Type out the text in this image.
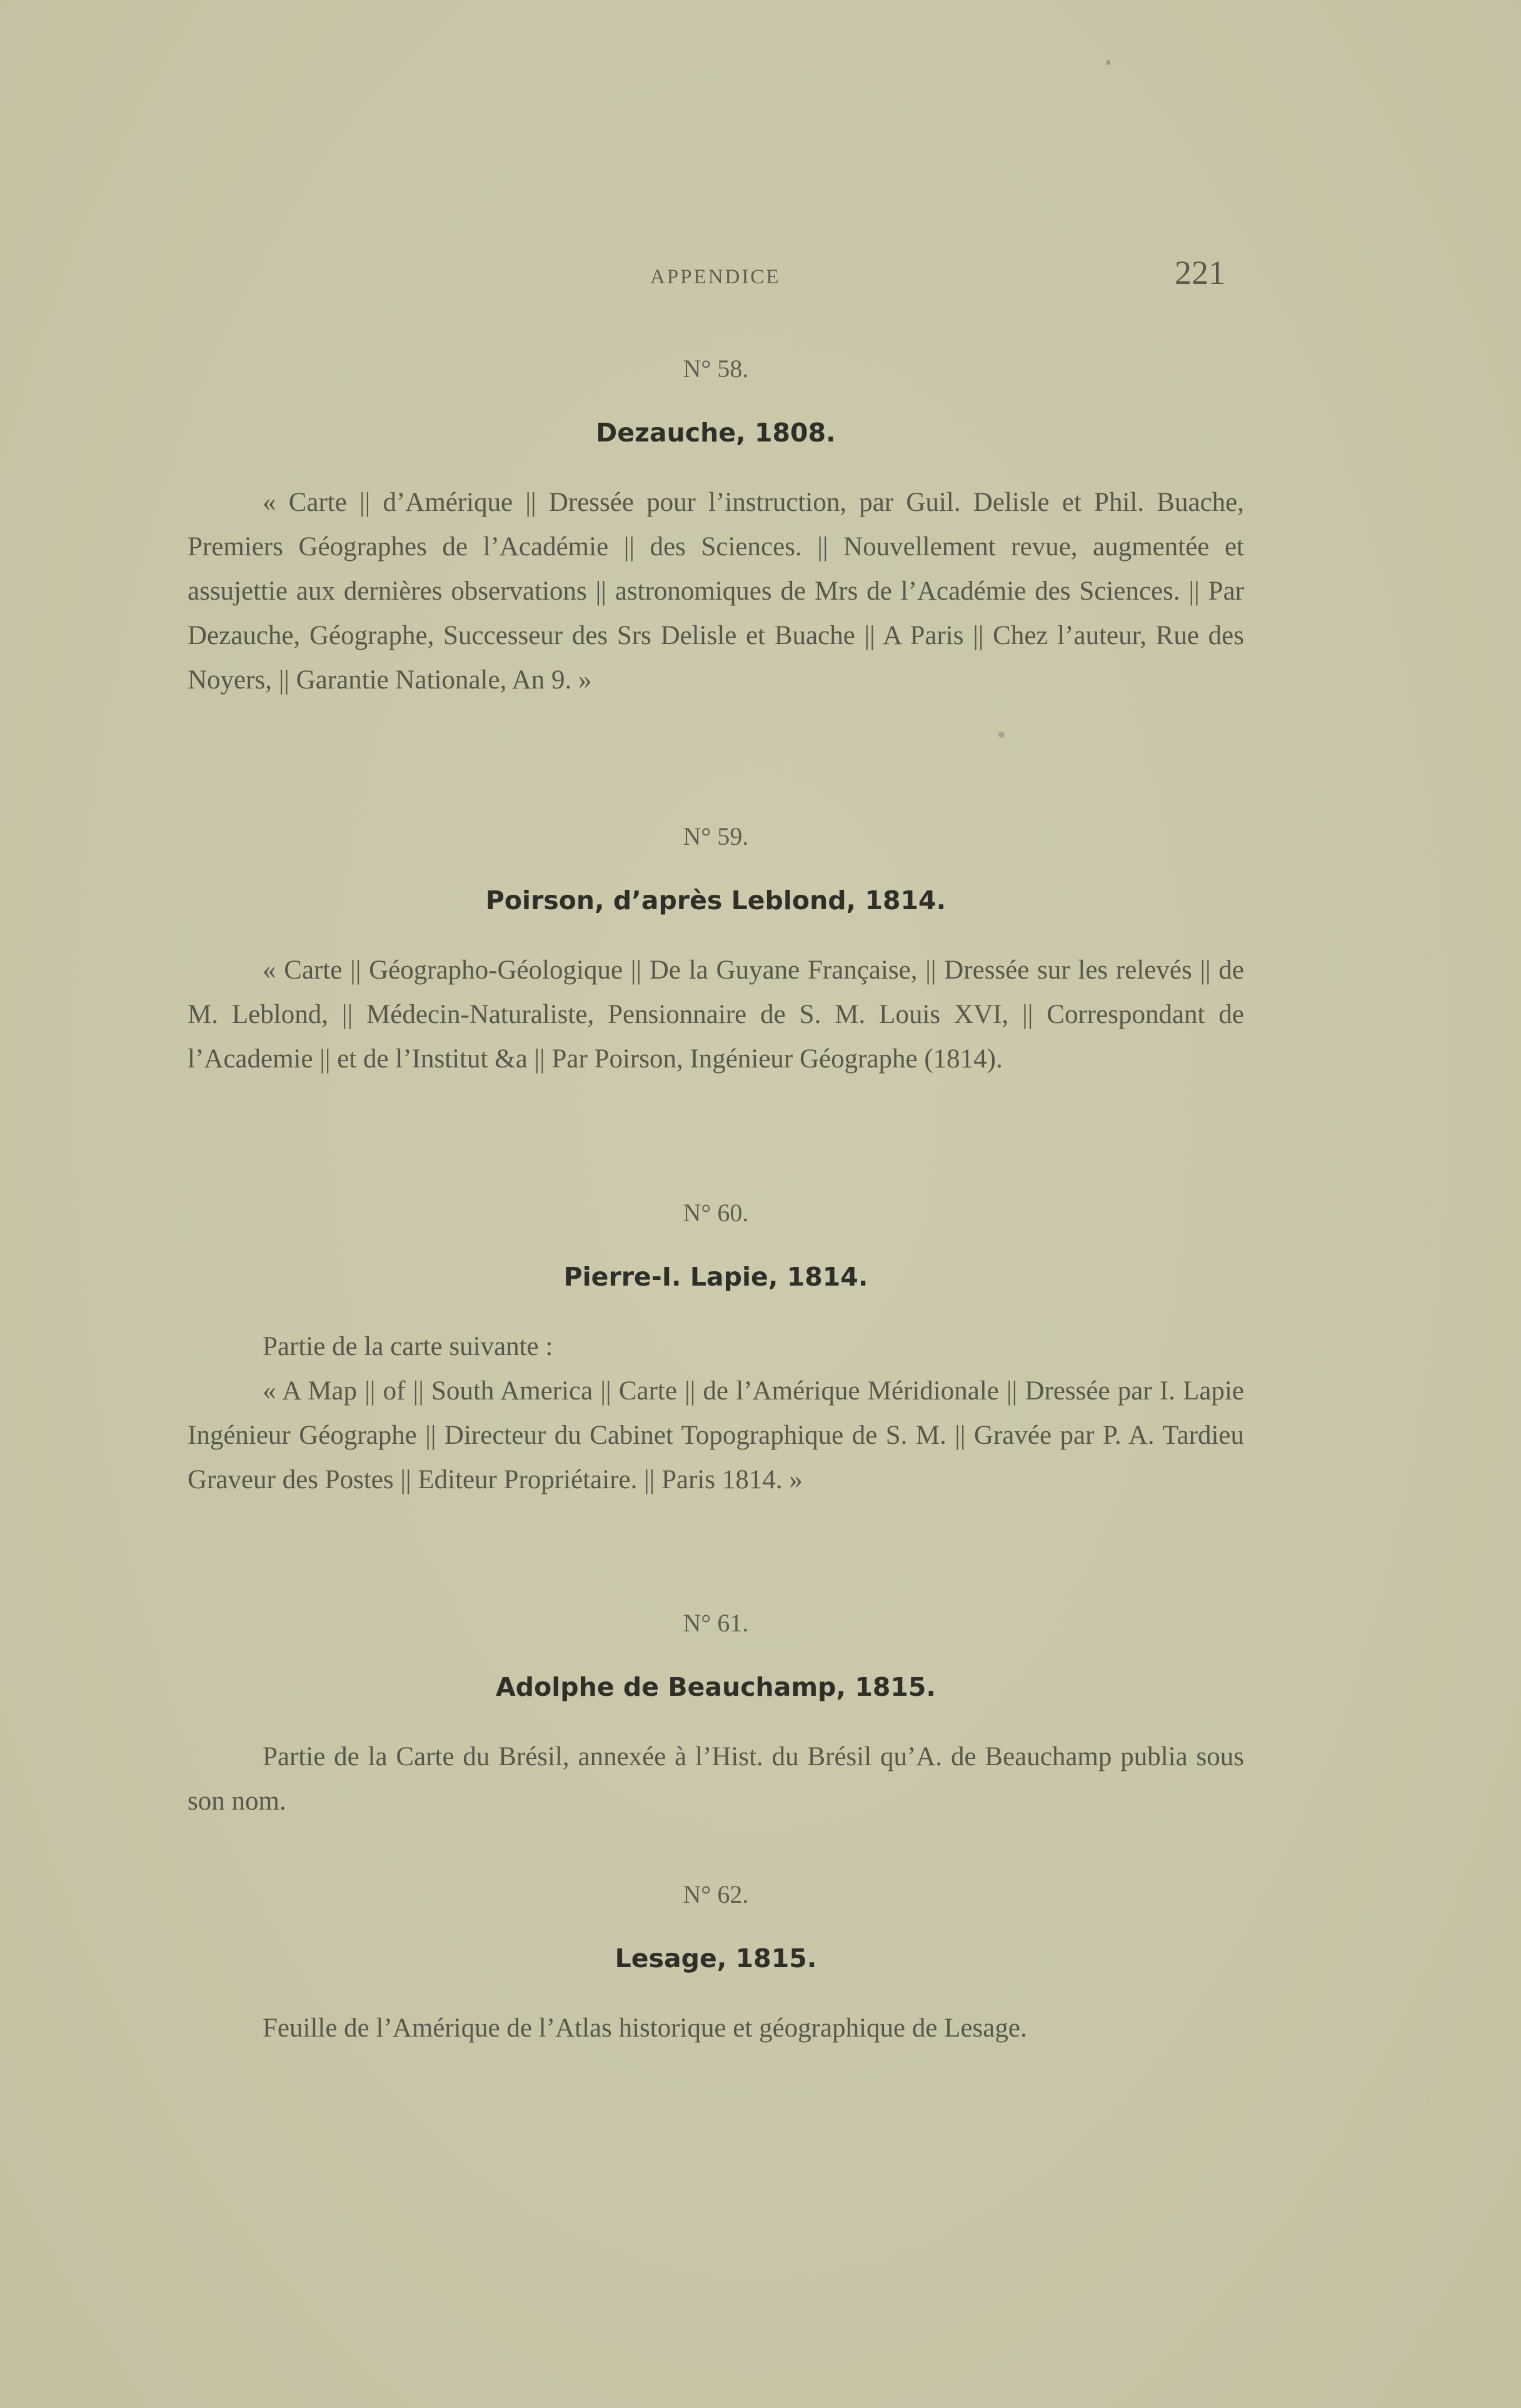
APPENDICE	221
N° 58.
Dezauche, 1808.
« Carte || d’Amérique || Dressée pour l’instruction, par Guil. Delisle et Phil. Buache, Premiers Géographes de l’Académie || des Sciences. || Nouvellement revue, augmentée et assujettie aux dernières observations || astronomiques de Mrs de l’Académie des Sciences. || Par Dezauche, Géographe, Successeur des Srs Delisle et Buache || A Paris || Chez l’auteur, Rue des Noyers, || Garantie Nationale, An 9. »
N° 59.
Poirson, d’après Leblond, 1814.
« Carte || Géographo-Géologique || De la Guyane Française, || Dressée sur les relevés || de M. Leblond, || Médecin-Naturaliste, Pensionnaire de S. M. Louis XVI, || Correspondant de l’Academie || et de l’Institut &a || Par Poirson, Ingénieur Géographe (1814).
N° 60.
Pierre-I. Lapie, 1814.
Partie de la carte suivante :
« A Map || of || South America || Carte || de l’Amérique Méridionale || Dressée par I. Lapie Ingénieur Géographe || Directeur du Cabinet Topographique de S. M. || Gravée par P. A. Tardieu Graveur des Postes || Editeur Propriétaire. || Paris 1814. »
N° 61.
Adolphe de Beauchamp, 1815.
Partie de la Carte du Brésil, annexée à l’Hist. du Brésil qu’A. de Beauchamp publia sous son nom.
N° 62.
Lesage, 1815.
Feuille de l’Amérique de l’Atlas historique et géographique de Lesage.
